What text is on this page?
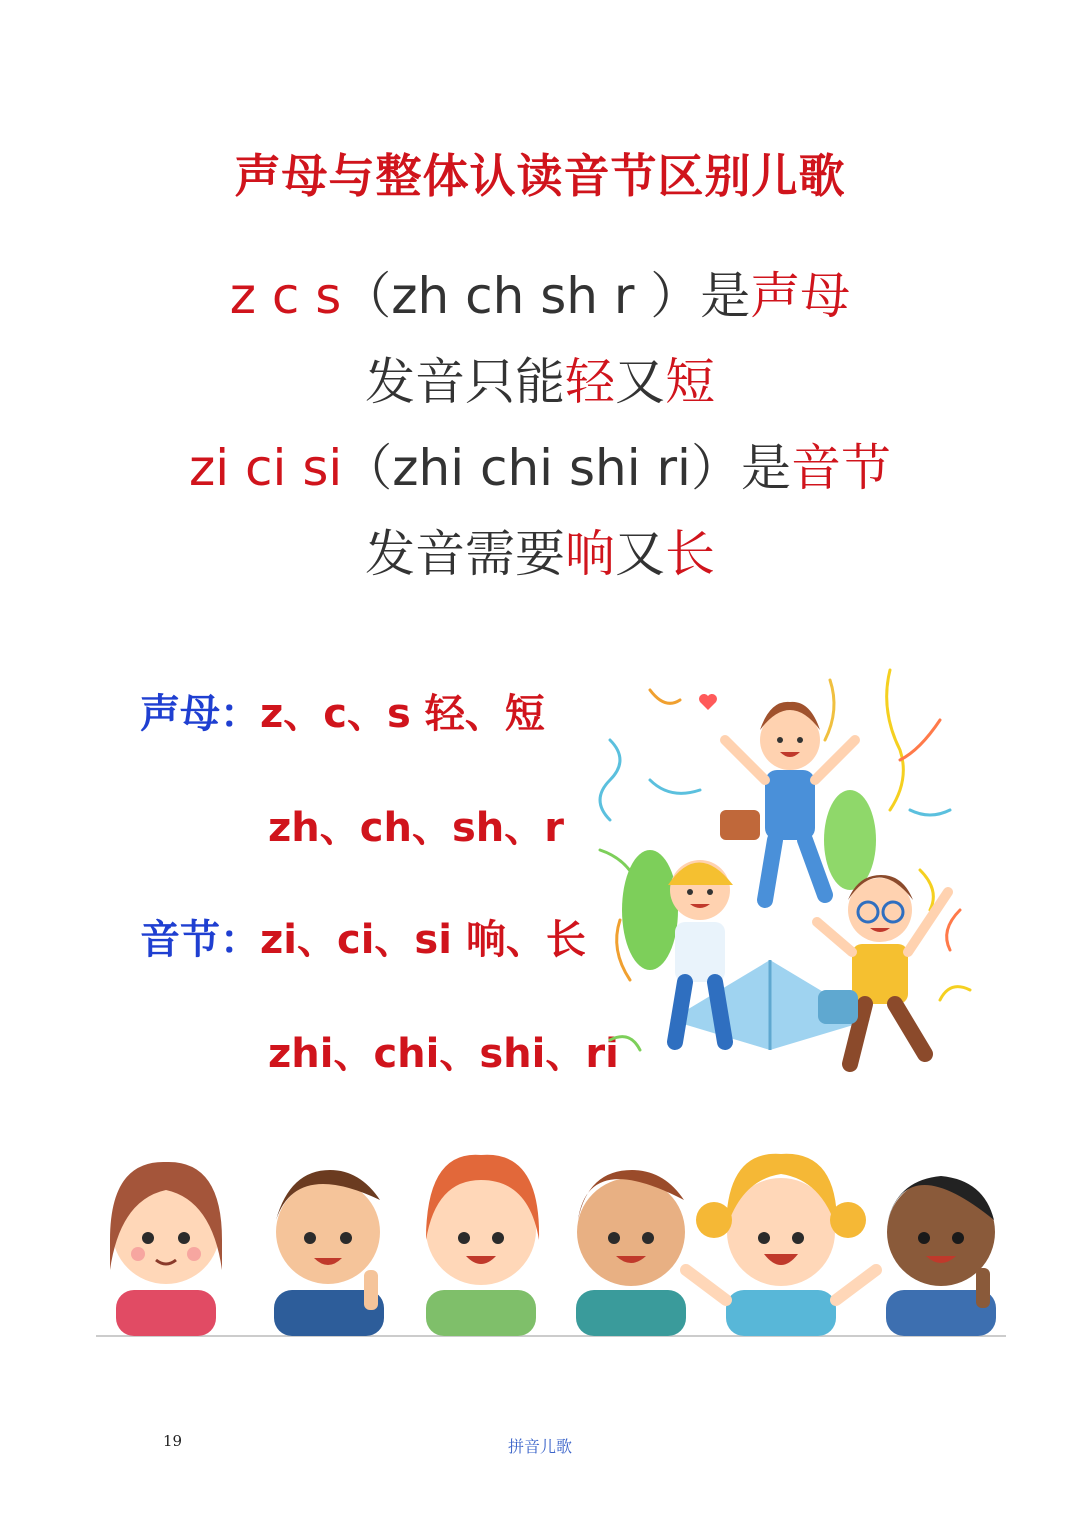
声母与整体认读音节区别儿歌
z c s（zh ch sh r ）是声母
发音只能轻又短
zi ci si（zhi chi shi ri）是音节
发音需要响又长
声母：z、c、s 轻、短
zh、ch、sh、r
音节：zi、ci、si 响、长
zhi、chi、shi、ri
19	拼音儿歌
